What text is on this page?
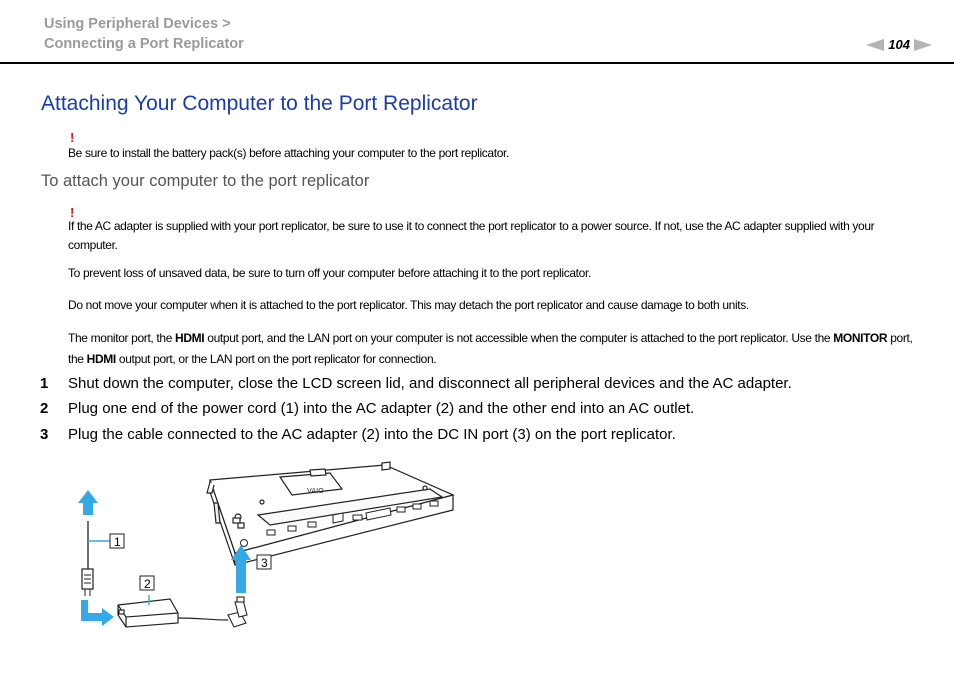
Using Peripheral Devices >
Connecting a Port Replicator	104
Attaching Your Computer to the Port Replicator
!
Be sure to install the battery pack(s) before attaching your computer to the port replicator.
To attach your computer to the port replicator
!
If the AC adapter is supplied with your port replicator, be sure to use it to connect the port replicator to a power source. If not, use the AC adapter supplied with your computer.
To prevent loss of unsaved data, be sure to turn off your computer before attaching it to the port replicator.
Do not move your computer when it is attached to the port replicator. This may detach the port replicator and cause damage to both units.
The monitor port, the HDMI output port, and the LAN port on your computer is not accessible when the computer is attached to the port replicator. Use the MONITOR port, the HDMI output port, or the LAN port on the port replicator for connection.
1	Shut down the computer, close the LCD screen lid, and disconnect all peripheral devices and the AC adapter.
2	Plug one end of the power cord (1) into the AC adapter (2) and the other end into an AC outlet.
3	Plug the cable connected to the AC adapter (2) into the DC IN port (3) on the port replicator.
VAIO
1
2
3
